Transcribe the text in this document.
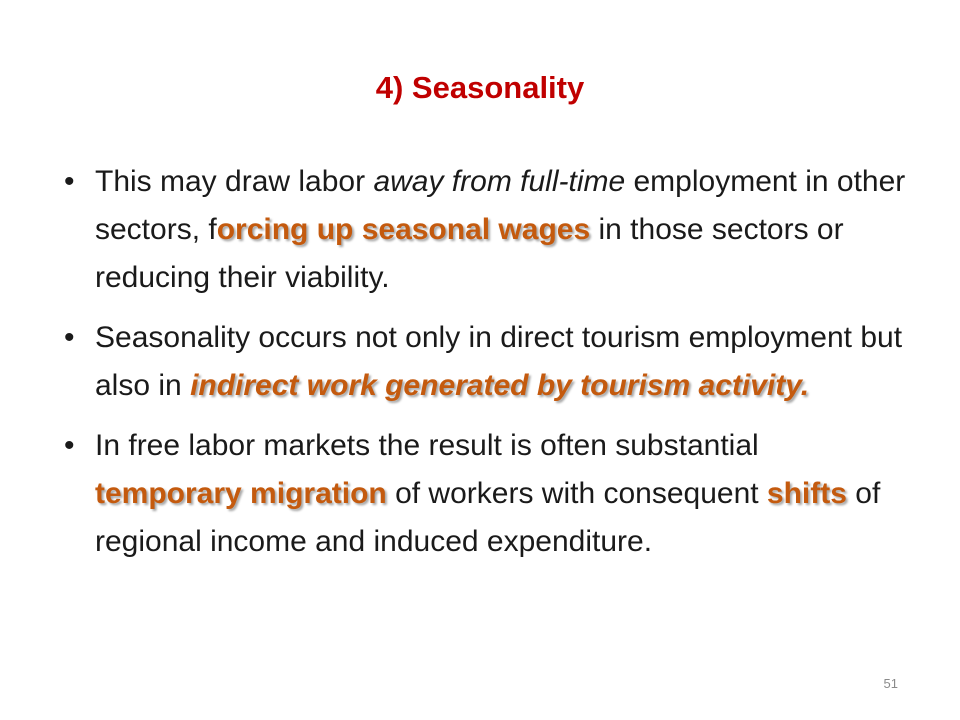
4) Seasonality
• This may draw labor away from full-time employment in other sectors, forcing up seasonal wages in those sectors or reducing their viability.
• Seasonality occurs not only in direct tourism employment but also in indirect work generated by tourism activity.
• In free labor markets the result is often substantial temporary migration of workers with consequent shifts of regional income and induced expenditure.
51
